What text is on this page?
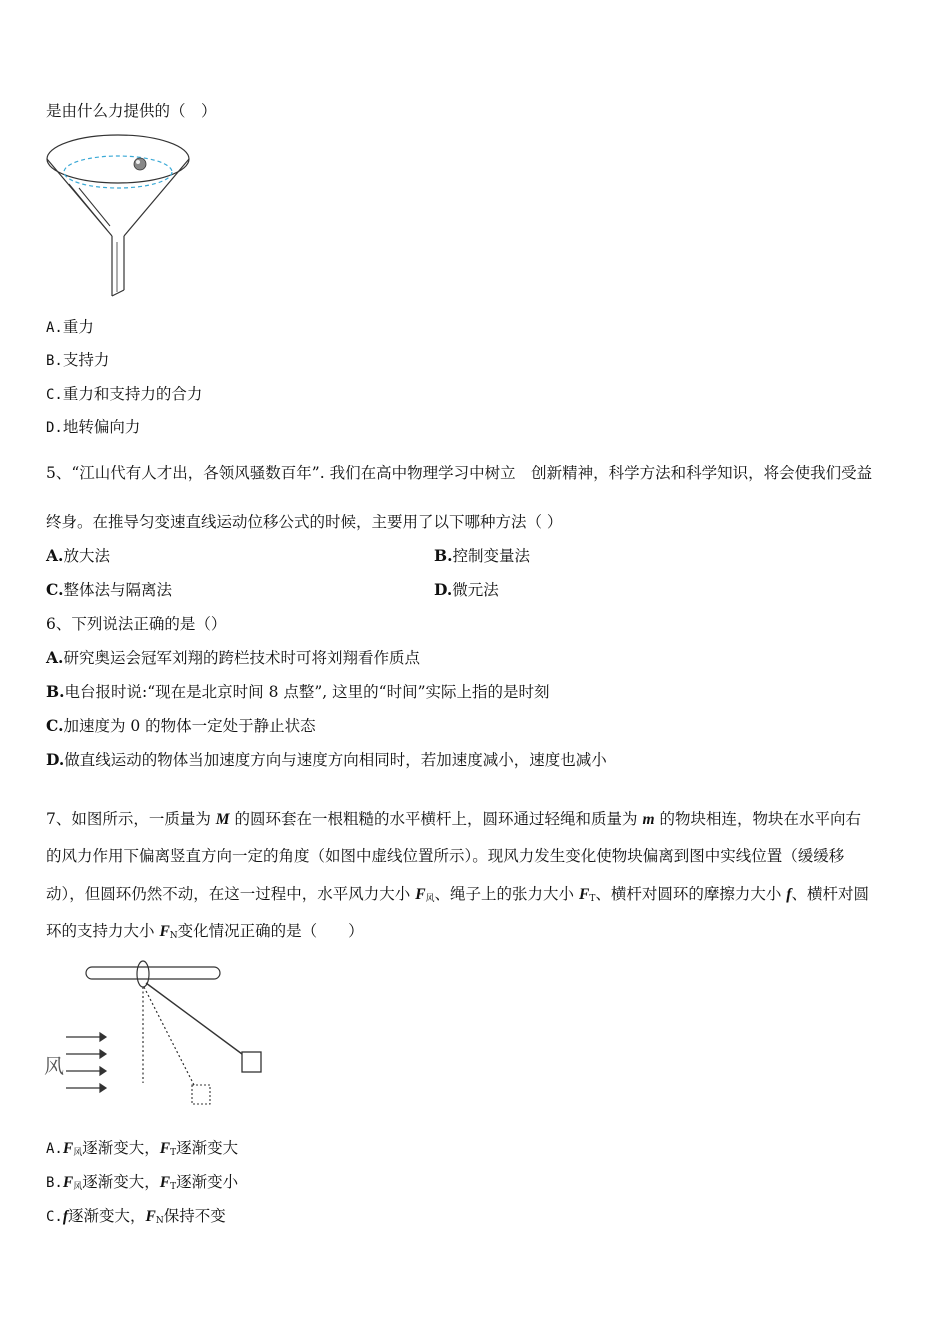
是由什么力提供的（　）
A.重力
B.支持力
C.重力和支持力的合力
D.地转偏向力
5、“江山代有人才出，各领风骚数百年”. 我们在高中物理学习中树立　创新精神，科学方法和科学知识，将会使我们受益
终身。在推导匀变速直线运动位移公式的时候，主要用了以下哪种方法（ ）
A.放大法	B.控制变量法
C.整体法与隔离法	D.微元法
6、下列说法正确的是（）
A.研究奥运会冠军刘翔的跨栏技术时可将刘翔看作质点
B.电台报时说:“现在是北京时间 8 点整”, 这里的“时间”实际上指的是时刻
C.加速度为 0 的物体一定处于静止状态
D.做直线运动的物体当加速度方向与速度方向相同时，若加速度减小，速度也减小
7、如图所示，一质量为 M 的圆环套在一根粗糙的水平横杆上，圆环通过轻绳和质量为 m 的物块相连，物块在水平向右
的风力作用下偏离竖直方向一定的角度（如图中虚线位置所示）。现风力发生变化使物块偏离到图中实线位置（缓缓移
动），但圆环仍然不动，在这一过程中，水平风力大小 $F_风$、绳子上的张力大小 $F_T$、横杆对圆环的摩擦力大小 f、横杆对圆
环的支持力大小 $F_N$变化情况正确的是（　　）
风
$A.F_风$逐渐变大，$F_T$逐渐变大
$B.F_风$逐渐变大，$F_T$逐渐变小
C.f逐渐变大，$F_N$保持不变
